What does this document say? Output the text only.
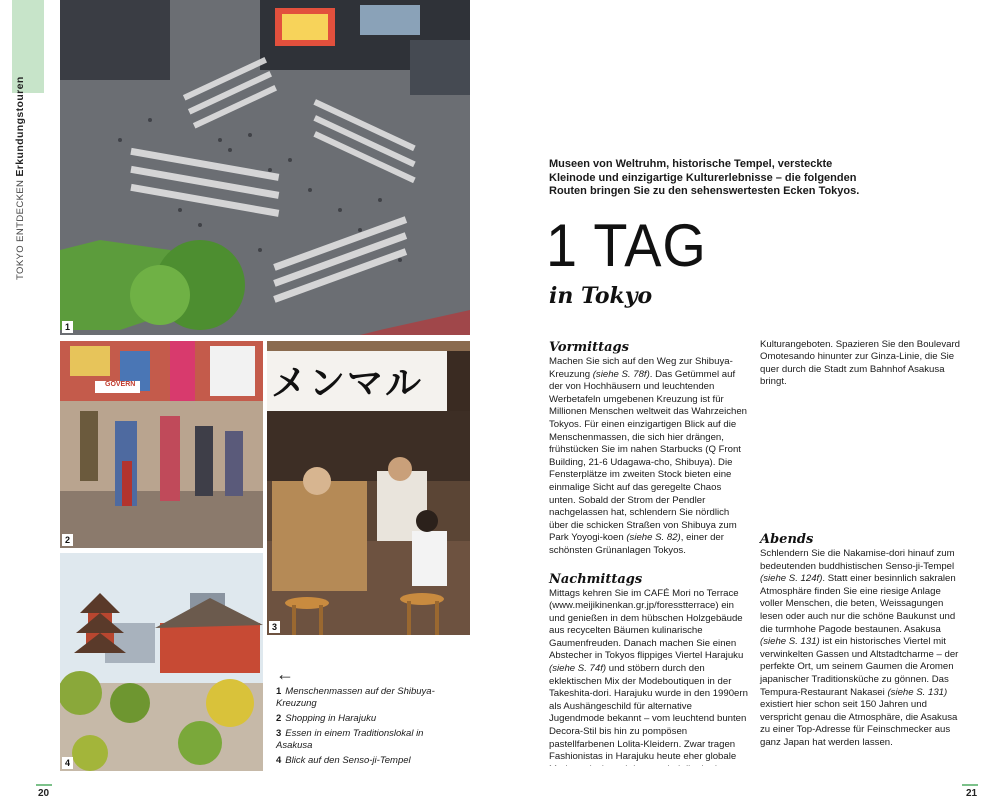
TOKYO ENTDECKEN Erkundungstouren
1
GOVERN
2
メンマル
3
4
←
1 Menschenmassen auf der Shibuya-Kreuzung
2 Shopping in Harajuku
3 Essen in einem Traditionslokal in Asakusa
4 Blick auf den Senso-ji-Tempel
20	21
Museen von Weltruhm, historische Tempel, versteckte Kleinode und einzigartige Kulturerlebnisse – die folgenden Routen bringen Sie zu den sehenswertesten Ecken Tokyos.
1 TAG
in Tokyo
Vormittags

Machen Sie sich auf den Weg zur Shibuya-Kreuzung (siehe S. 78f). Das Getümmel auf der von Hochhäusern und leuchtenden Werbetafeln umgebenen Kreuzung ist für Millionen Menschen weltweit das Wahrzeichen Tokyos. Für einen einzigartigen Blick auf die Menschenmassen, die sich hier drängen, frühstücken Sie im nahen Starbucks (Q Front Building, 21-6 Udagawa-cho, Shibuya). Die Fensterplätze im zweiten Stock bieten eine einmalige Sicht auf das geregelte Chaos unten. Sobald der Strom der Pendler nachgelassen hat, schlendern Sie nördlich über die schicken Straßen von Shibuya zum Park Yoyogi-koen (siehe S. 82), einer der schönsten Grünanlagen Tokyos.

Nachmittags

Mittags kehren Sie im CAFÉ Mori no Terrace (www.meijikinenkan.gr.jp/foresstterrace) ein und genießen in dem hübschen Holzgebäude aus recycelten Bäumen kulinarische Gaumenfreuden. Danach machen Sie einen Abstecher in Tokyos flippiges Viertel Harajuku (siehe S. 74f) und stöbern durch den eklektischen Mix der Modeboutiquen in der Takeshita-dori. Harajuku wurde in den 1990ern als Aushängeschild für alternative Jugendmode bekannt – vom leuchtend bunten Decora-Stil bis hin zu pompösen pastellfarbenen Lolita-Kleidern. Zwar tragen Fashionistas in Harajuku heute eher globale

Kulturangeboten. Spazieren Sie den Boulevard Omotesando hinunter zur Ginza-Linie, die Sie quer durch die Stadt zum Bahnhof Asakusa bringt.

Abends

Schlendern Sie die Nakamise-dori hinauf zum bedeutenden buddhistischen Senso-ji-Tempel (siehe S. 124f). Statt einer besinnlich sakralen Atmosphäre finden Sie eine riesige Anlage voller Menschen, die beten, Weissagungen lesen oder auch nur die schöne Baukunst und die turmhohe Pagode bestaunen. Asakusa (siehe S. 131) ist ein historisches Viertel mit verwinkelten Gassen und Altstadtcharme – der perfekte Ort, um seinem Gaumen die Aromen japanischer Traditionsküche zu gönnen. Das Tempura-Restaurant Nakasei (siehe S. 131) existiert hier schon seit 150 Jahren und verspricht genau die Atmosphäre, die Asakusa zu einer Top-Adresse für Feinschmecker aus ganz Japan hat werden lassen.
